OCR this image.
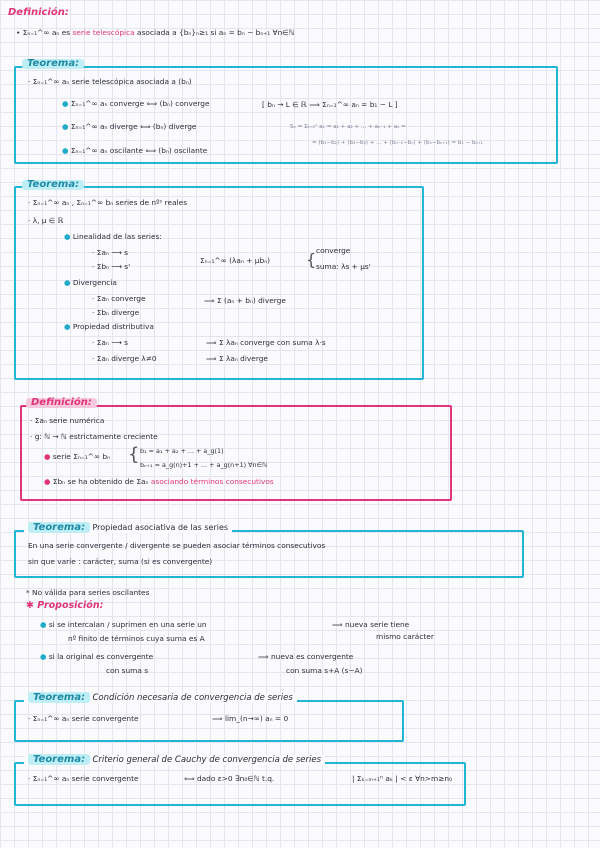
Definición:
• Σₙ₌₁^∞ aₙ es serie telescópica asociada a {bₙ}ₙ≥₁ si aₙ = bₙ − bₙ₊₁ ∀n∈ℕ
Teorema:
· Σₙ₌₁^∞ aₙ serie telescópica asociada a (bₙ)
● Σₙ₌₁^∞ aₙ converge ⟺ (bₙ) converge
● Σₙ₌₁^∞ aₙ diverge ⟺ (bₙ) diverge
● Σₙ₌₁^∞ aₙ oscilante ⟺ (bₙ) oscilante
[ bₙ → L ∈ ℝ ⟹ Σₙ₌₁^∞ aₙ = b₁ − L ]
Sₙ = Σₖ₌₁ⁿ aₖ = a₁ + a₂ + ... + aₙ₋₁ + aₙ =
= (b₁−b₂) + (b₂−b₃) + ... + (bₙ₋₁−bₙ) + (bₙ−bₙ₊₁) = b₁ − bₙ₊₁
Teorema:
· Σₙ₌₁^∞ aₙ , Σₙ₌₁^∞ bₙ series de nºˢ reales
· λ, μ ∈ ℝ
● Linealidad de las series:
· Σaₙ ⟶ s
· Σbₙ ⟶ s'
Σₙ₌₁^∞ (λaₙ + μbₙ) { converge
suma: λs + μs'
● Divergencia
· Σaₙ converge
· Σbₙ diverge
⟹ Σ (aₙ + bₙ) diverge
● Propiedad distributiva
· Σaₙ ⟶ s	⟹ Σ λaₙ converge con suma λ·s
· Σaₙ diverge λ≠0	⟹ Σ λaₙ diverge
Definición:
· Σaₙ serie numérica
· g: ℕ → ℕ estrictamente creciente
● serie Σₙ₌₁^∞ bₙ { b₁ = a₁ + a₂ + ... + a_g(1)
bₙ₊₁ = a_g(n)+1 + ... + a_g(n+1) ∀n∈ℕ
● Σbₙ se ha obtenido de Σaₙ asociando términos consecutivos
Teorema: Propiedad asociativa de las series
En una serie convergente / divergente se pueden asociar términos consecutivos
sin que varíe : carácter, suma (si es convergente)
* No válida para series oscilantes
✱ Proposición:
● si se intercalan / suprimen en una serie un
nº finito de términos cuya suma es A
⟹ nueva serie tiene
mismo carácter
● si la original es convergente
con suma s
⟹ nueva es convergente
con suma s+A (s−A)
Teorema: Condición necesaria de convergencia de series
· Σₙ₌₁^∞ aₙ serie convergente	⟹ lim_(n→∞) aₙ = 0
Teorema: Criterio general de Cauchy de convergencia de series
· Σₙ₌₁^∞ aₙ serie convergente	⟺ dado ε>0 ∃n₀∈ℕ t.q.	| Σₖ₌ₘ₊₁ⁿ aₖ | < ε ∀n>m≥n₀
